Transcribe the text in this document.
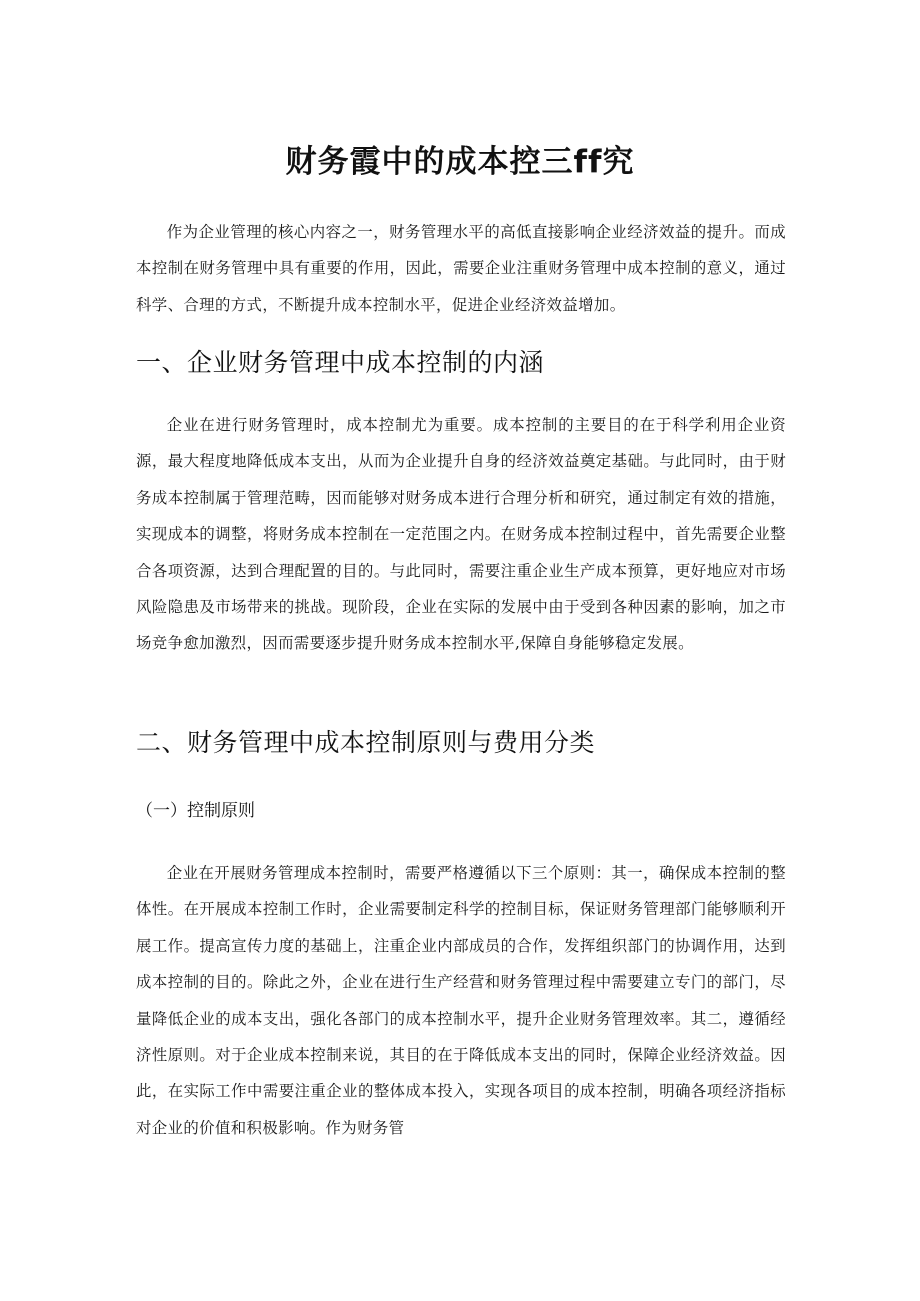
财务霞中的成本控三ff究

作为企业管理的核心内容之一，财务管理水平的高低直接影响企业经济效益的提升。而成本控制在财务管理中具有重要的作用，因此，需要企业注重财务管理中成本控制的意义，通过科学、合理的方式，不断提升成本控制水平，促进企业经济效益增加。

一、企业财务管理中成本控制的内涵

企业在进行财务管理时，成本控制尤为重要。成本控制的主要目的在于科学利用企业资源，最大程度地降低成本支出，从而为企业提升自身的经济效益奠定基础。与此同时，由于财务成本控制属于管理范畴，因而能够对财务成本进行合理分析和研究，通过制定有效的措施，实现成本的调整，将财务成本控制在一定范围之内。在财务成本控制过程中，首先需要企业整合各项资源，达到合理配置的目的。与此同时，需要注重企业生产成本预算，更好地应对市场风险隐患及市场带来的挑战。现阶段，企业在实际的发展中由于受到各种因素的影响，加之市场竞争愈加激烈，因而需要逐步提升财务成本控制水平,保障自身能够稳定发展。

二、财务管理中成本控制原则与费用分类
（一）控制原则

企业在开展财务管理成本控制时，需要严格遵循以下三个原则：其一，确保成本控制的整体性。在开展成本控制工作时，企业需要制定科学的控制目标，保证财务管理部门能够顺利开展工作。提高宣传力度的基础上，注重企业内部成员的合作，发挥组织部门的协调作用，达到成本控制的目的。除此之外，企业在进行生产经营和财务管理过程中需要建立专门的部门，尽量降低企业的成本支出，强化各部门的成本控制水平，提升企业财务管理效率。其二，遵循经济性原则。对于企业成本控制来说，其目的在于降低成本支出的同时，保障企业经济效益。因此，在实际工作中需要注重企业的整体成本投入，实现各项目的成本控制，明确各项经济指标对企业的价值和积极影响。作为财务管
